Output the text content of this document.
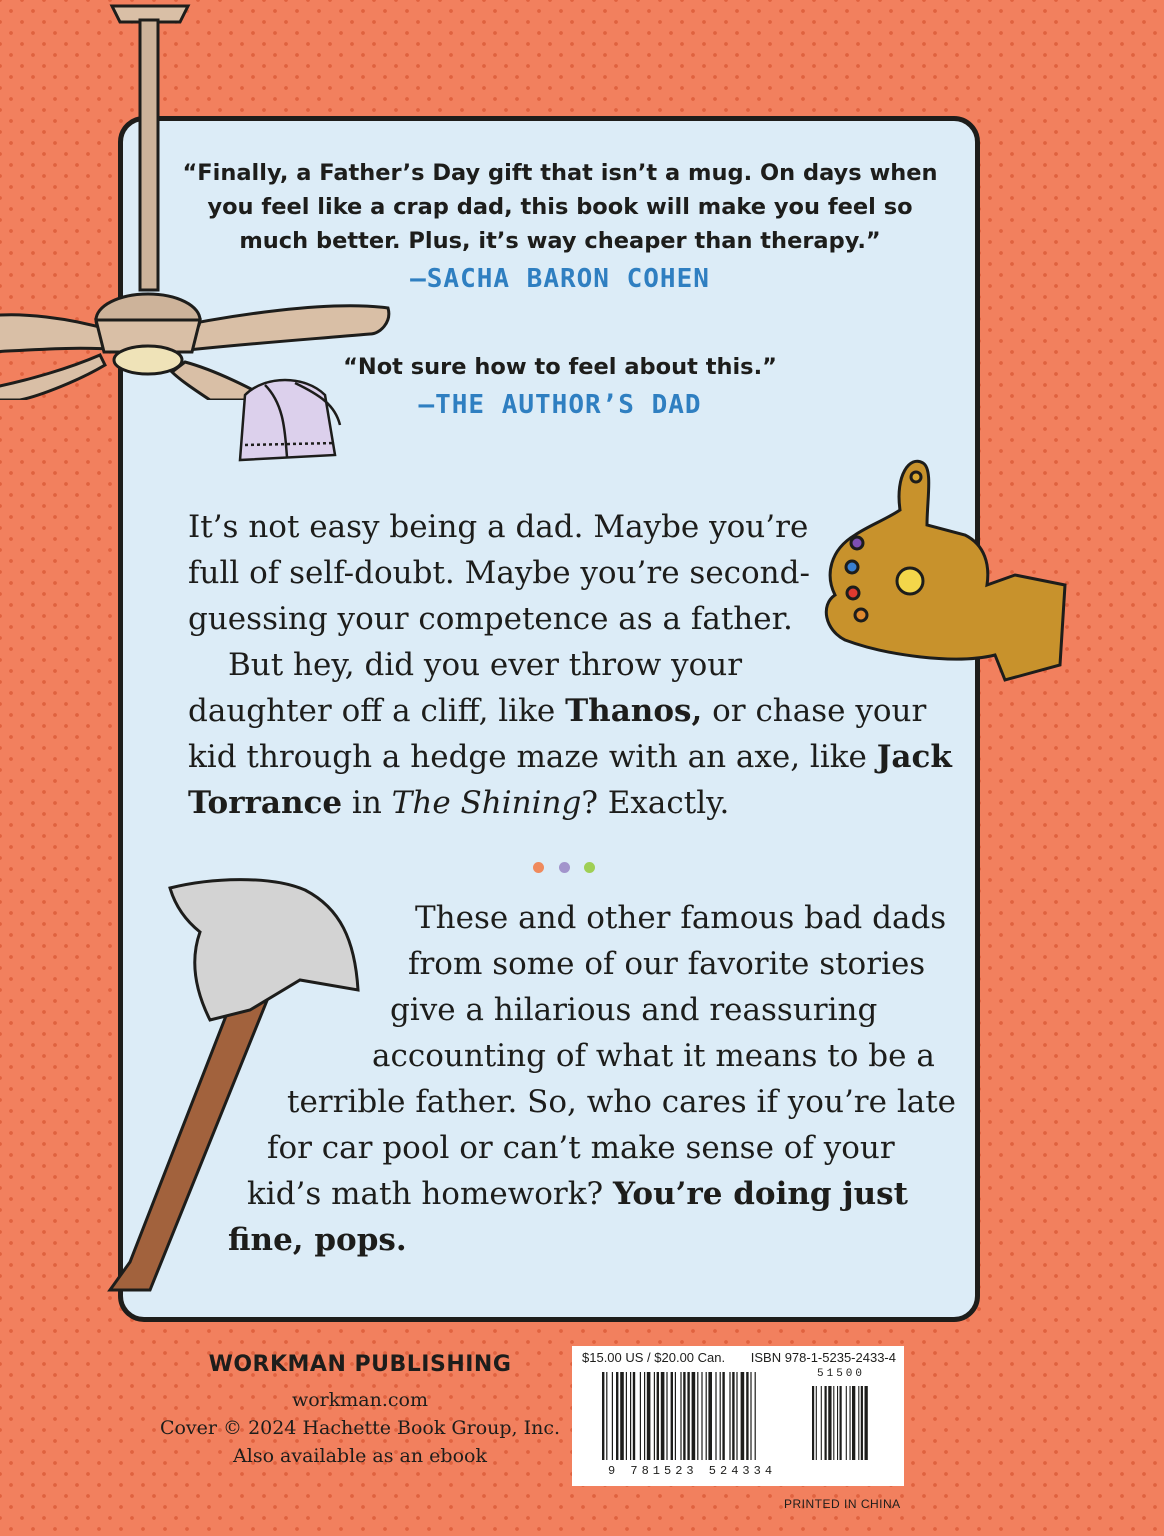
“Finally, a Father’s Day gift that isn’t a mug. On days when
you feel like a crap dad, this book will make you feel so
much better. Plus, it’s way cheaper than therapy.”
–SACHA BARON COHEN
“Not sure how to feel about this.”
–THE AUTHOR’S DAD
It’s not easy being a dad. Maybe you’re
full of self-doubt. Maybe you’re second-
guessing your competence as a father.
But hey, did you ever throw your
daughter off a cliff, like Thanos, or chase your
kid through a hedge maze with an axe, like Jack
Torrance in The Shining? Exactly.
These and other famous bad dads
from some of our favorite stories
give a hilarious and reassuring
accounting of what it means to be a
terrible father. So, who cares if you’re late
for car pool or can’t make sense of your
kid’s math homework? You’re doing just
fine, pops.
WORKMAN PUBLISHING
workman.com
Cover © 2024 Hachette Book Group, Inc.
Also available as an ebook
$15.00 US / $20.00 Can. ISBN 978-1-5235-2433-4
51500
9 781523 524334
PRINTED IN CHINA
